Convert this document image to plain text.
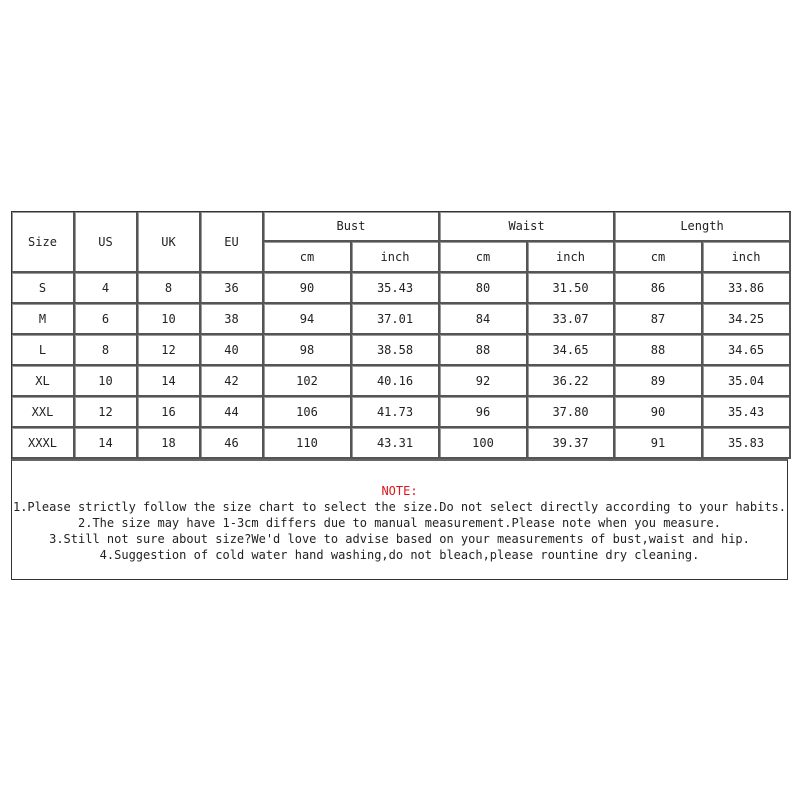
Size	US	UK	EU	Bust		Waist		Length	
				cm	inch	cm	inch	cm	inch
S	4	8	36	90	35.43	80	31.50	86	33.86
M	6	10	38	94	37.01	84	33.07	87	34.25
L	8	12	40	98	38.58	88	34.65	88	34.65
XL	10	14	42	102	40.16	92	36.22	89	35.04
XXL	12	16	44	106	41.73	96	37.80	90	35.43
XXXL	14	18	46	110	43.31	100	39.37	91	35.83
NOTE:
1.Please strictly follow the size chart to select the size.Do not select directly according to your habits.
2.The size may have 1-3cm differs due to manual measurement.Please note when you measure.
3.Still not sure about size?We'd love to advise based on your measurements of bust,waist and hip.
4.Suggestion of cold water hand washing,do not bleach,please rountine dry cleaning.
